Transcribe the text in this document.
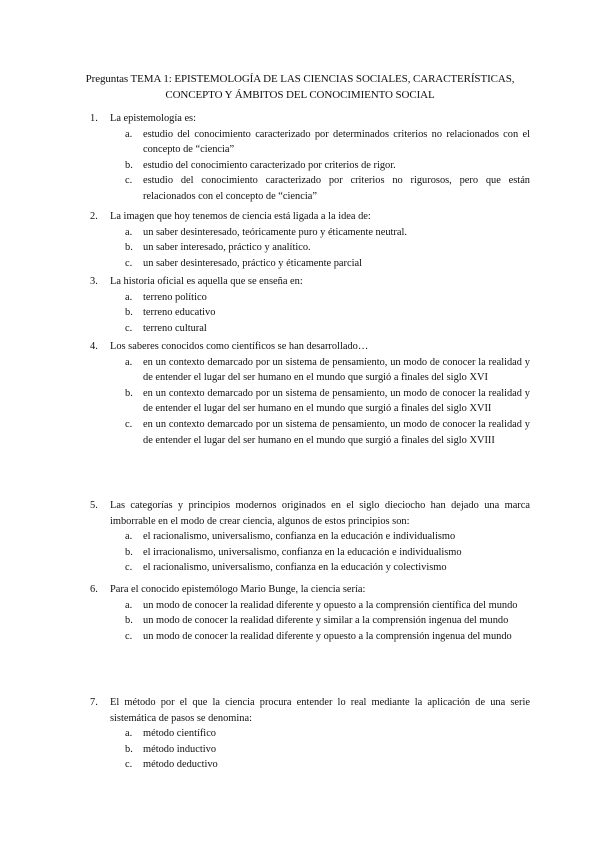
Preguntas TEMA 1: EPISTEMOLOGÍA DE LAS CIENCIAS SOCIALES, CARACTERÍSTICAS,
CONCEPTO Y ÁMBITOS DEL CONOCIMIENTO SOCIAL
1.	La epistemología es:
a.	estudio del conocimiento caracterizado por determinados criterios no relacionados con el concepto de “ciencia”
b. estudio del conocimiento caracterizado por criterios de rigor.
c.	estudio del conocimiento caracterizado por criterios no rigurosos, pero que están relacionados con el concepto de “ciencia”
2.	La imagen que hoy tenemos de ciencia está ligada a la idea de:
a.	un saber desinteresado, teóricamente puro y éticamente neutral.
b. un saber interesado, práctico y analítico.
c.	un saber desinteresado, práctico y éticamente parcial
3.	La historia oficial es aquella que se enseña en:
a.	terreno político
b. terreno educativo
c.	terreno cultural
4.	Los saberes conocidos como científicos se han desarrollado…
a.	en un contexto demarcado por un sistema de pensamiento, un modo de conocer la realidad y de entender el lugar del ser humano en el mundo que surgió a finales del siglo XVI
b. en un contexto demarcado por un sistema de pensamiento, un modo de conocer la realidad y de entender el lugar del ser humano en el mundo que surgió a finales del siglo XVII
c.	en un contexto demarcado por un sistema de pensamiento, un modo de conocer la realidad y de entender el lugar del ser humano en el mundo que surgió a finales del siglo XVIII
5.	Las categorías y principios modernos originados en el siglo dieciocho han dejado una marca imborrable en el modo de crear ciencia, algunos de estos principios son:
a.	el racionalismo, universalismo, confianza en la educación e individualismo
b. el irracionalismo, universalismo, confianza en la educación e individualismo
c.	el racionalismo, universalismo, confianza en la educación y colectivismo
6.	Para el conocido epistemólogo Mario Bunge, la ciencia sería:
a.	un modo de conocer la realidad diferente y opuesto a la comprensión científica del mundo
b. un modo de conocer la realidad diferente y similar a la comprensión ingenua del mundo
c.	un modo de conocer la realidad diferente y opuesto a la comprensión ingenua del mundo
7.	El método por el que la ciencia procura entender lo real mediante la aplicación de una serie sistemática de pasos se denomina:
a.	método científico
b. método inductivo
c.	método deductivo
